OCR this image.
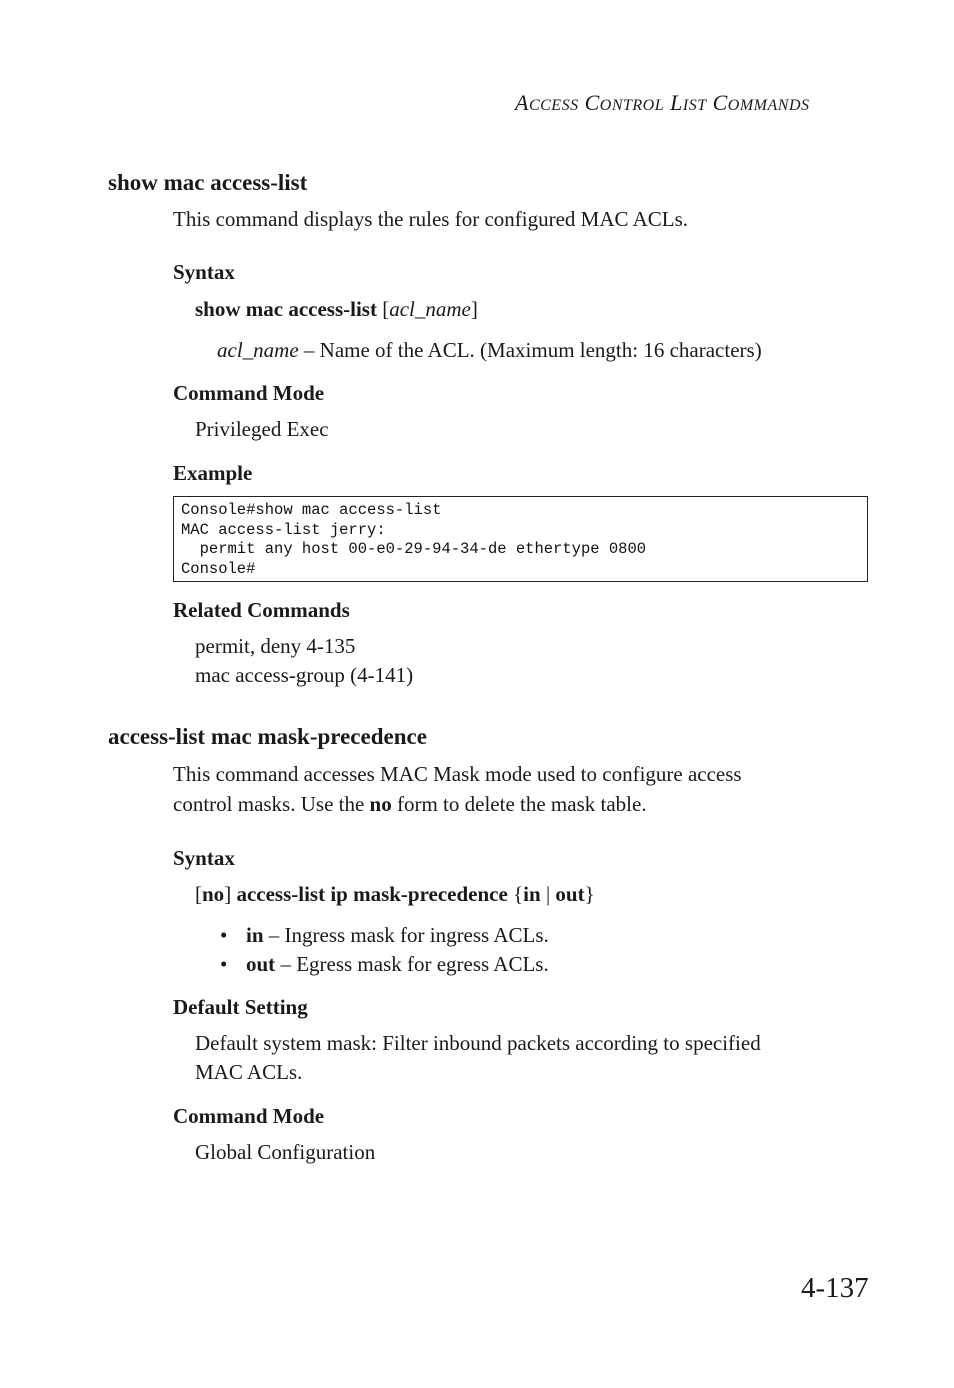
ACCESS CONTROL LIST COMMANDS
show mac access-list
This command displays the rules for configured MAC ACLs.
Syntax
show mac access-list [acl_name]
acl_name – Name of the ACL. (Maximum length: 16 characters)
Command Mode
Privileged Exec
Example
Console#show mac access-list
MAC access-list jerry:
permit any host 00-e0-29-94-34-de ethertype 0800
Console#
Related Commands
permit, deny 4-135
mac access-group (4-141)
access-list mac mask-precedence
This command accesses MAC Mask mode used to configure access
control masks. Use the no form to delete the mask table.
Syntax
[no] access-list ip mask-precedence {in | out}
• in – Ingress mask for ingress ACLs.
• out – Egress mask for egress ACLs.
Default Setting
Default system mask: Filter inbound packets according to specified
MAC ACLs.
Command Mode
Global Configuration
4-137
